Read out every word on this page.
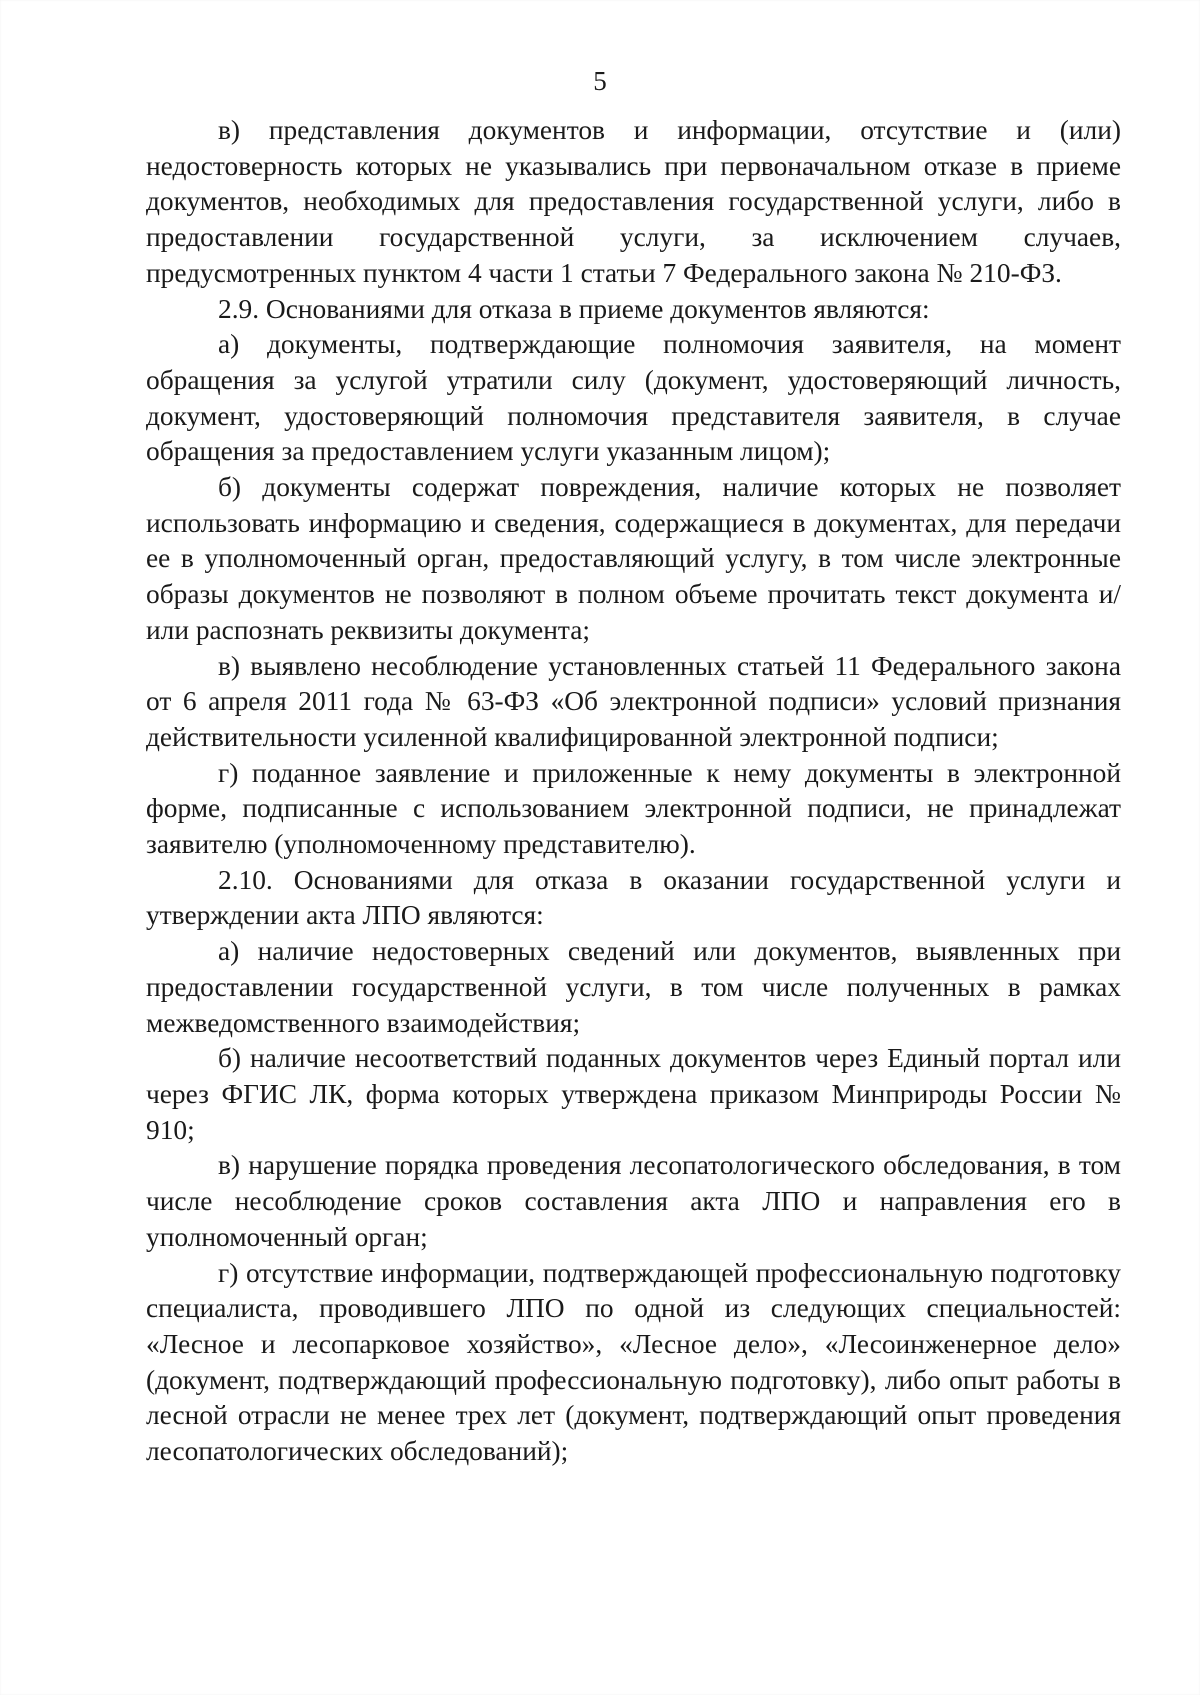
5

в) представления документов и информации, отсутствие и (или) недостоверность которых не указывались при первоначальном отказе в приеме документов, необходимых для предоставления государственной услуги, либо в предоставлении государственной услуги, за исключением случаев, предусмотренных пунктом 4 части 1 статьи 7 Федерального закона № 210-ФЗ.

2.9. Основаниями для отказа в приеме документов являются:

а) документы, подтверждающие полномочия заявителя, на момент обращения за услугой утратили силу (документ, удостоверяющий личность, документ, удостоверяющий полномочия представителя заявителя, в случае обращения за предоставлением услуги указанным лицом);

б) документы содержат повреждения, наличие которых не позволяет использовать информацию и сведения, содержащиеся в документах, для передачи ее в уполномоченный орган, предоставляющий услугу, в том числе электронные образы документов не позволяют в полном объеме прочитать текст документа и/или распознать реквизиты документа;

в) выявлено несоблюдение установленных статьей 11 Федерального закона от 6 апреля 2011 года № 63-ФЗ «Об электронной подписи» условий признания действительности усиленной квалифицированной электронной подписи;

г) поданное заявление и приложенные к нему документы в электронной форме, подписанные с использованием электронной подписи, не принадлежат заявителю (уполномоченному представителю).

2.10. Основаниями для отказа в оказании государственной услуги и утверждении акта ЛПО являются:

а) наличие недостоверных сведений или документов, выявленных при предоставлении государственной услуги, в том числе полученных в рамках межведомственного взаимодействия;

б) наличие несоответствий поданных документов через Единый портал или через ФГИС ЛК, форма которых утверждена приказом Минприроды России № 910;

в) нарушение порядка проведения лесопатологического обследования, в том числе несоблюдение сроков составления акта ЛПО и направления его в уполномоченный орган;

г) отсутствие информации, подтверждающей профессиональную подготовку специалиста, проводившего ЛПО по одной из следующих специальностей: «Лесное и лесопарковое хозяйство», «Лесное дело», «Лесоинженерное дело» (документ, подтверждающий профессиональную подготовку), либо опыт работы в лесной отрасли не менее трех лет (документ, подтверждающий опыт проведения лесопатологических обследований);
